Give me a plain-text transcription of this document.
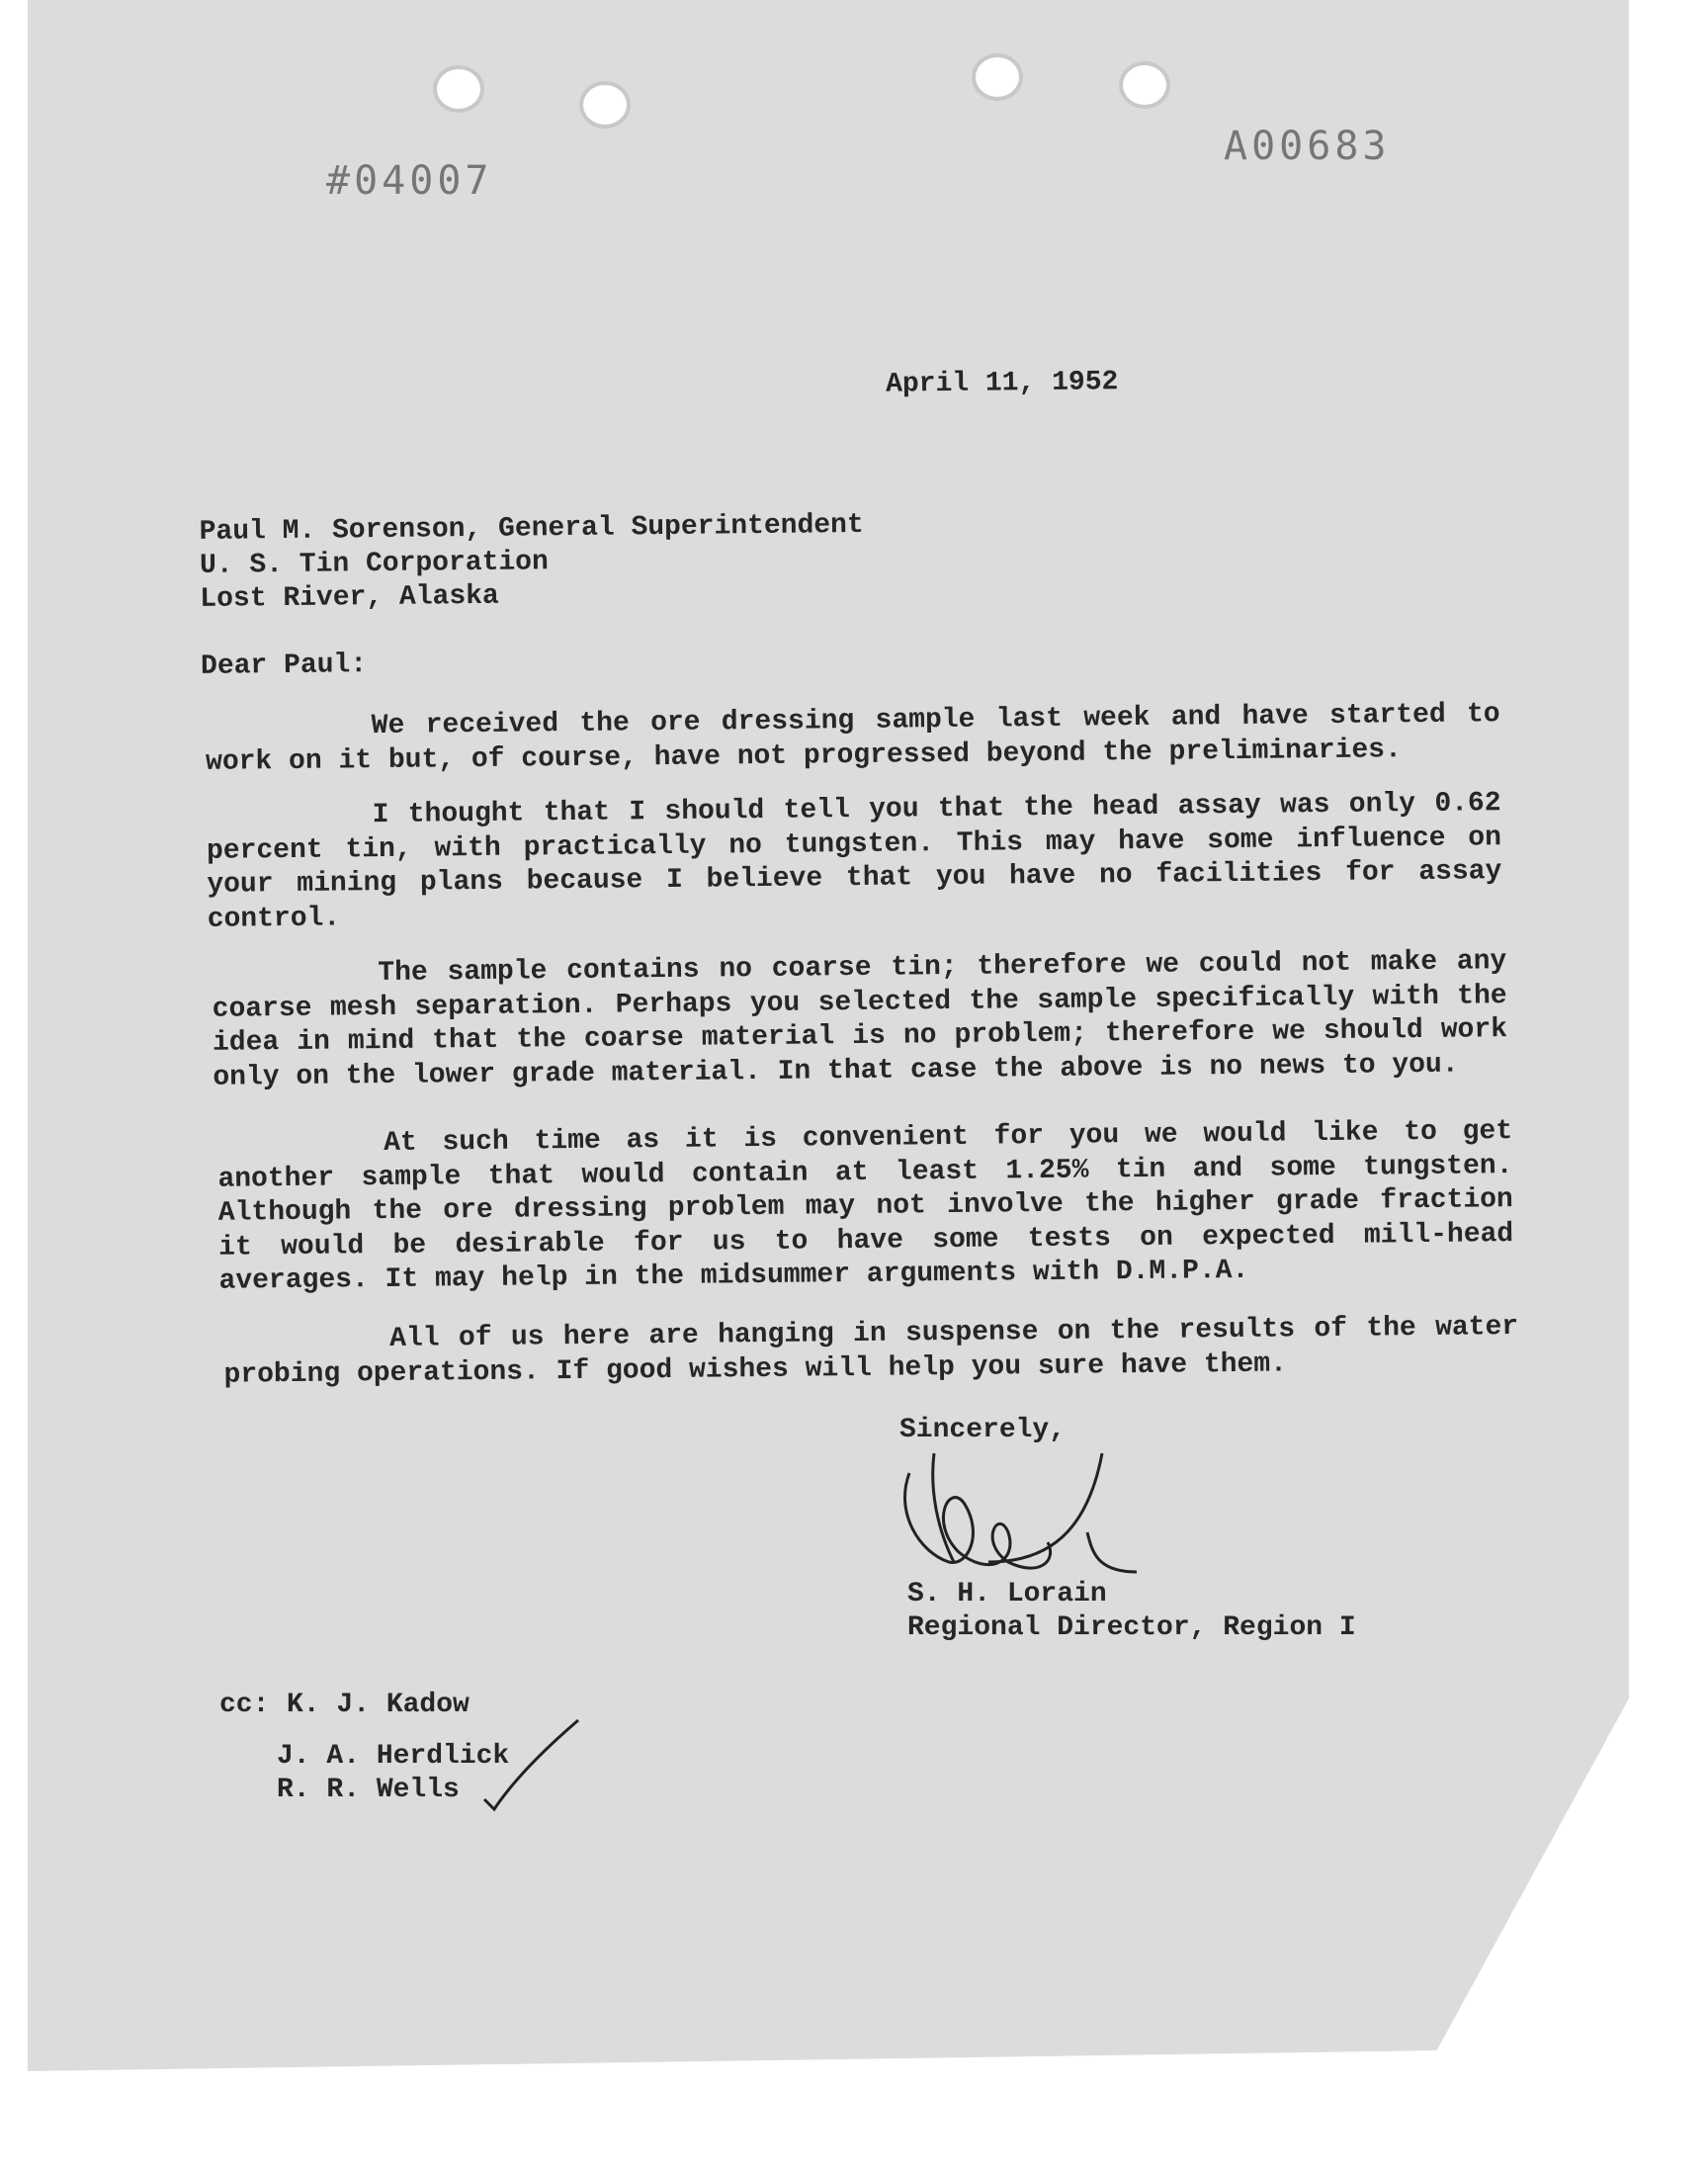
#04007
A00683
April 11, 1952
Paul M. Sorenson, General Superintendent
U. S. Tin Corporation
Lost River, Alaska
Dear Paul:
We received the ore dressing sample last week and have started to work on it but, of course, have not progressed beyond the preliminaries.
I thought that I should tell you that the head assay was only 0.62 percent tin, with practically no tungsten. This may have some influence on your mining plans because I believe that you have no facilities for assay control.
The sample contains no coarse tin; therefore we could not make any coarse mesh separation. Perhaps you selected the sample specifically with the idea in mind that the coarse material is no problem; therefore we should work only on the lower grade material. In that case the above is no news to you.
At such time as it is convenient for you we would like to get another sample that would contain at least 1.25% tin and some tungsten. Although the ore dressing problem may not involve the higher grade fraction it would be desirable for us to have some tests on expected mill-head averages. It may help in the midsummer arguments with D.M.P.A.
All of us here are hanging in suspense on the results of the water probing operations. If good wishes will help you sure have them.
Sincerely,
S. H. Lorain
Regional Director, Region I
cc: K. J. Kadow
J. A. Herdlick
R. R. Wells
